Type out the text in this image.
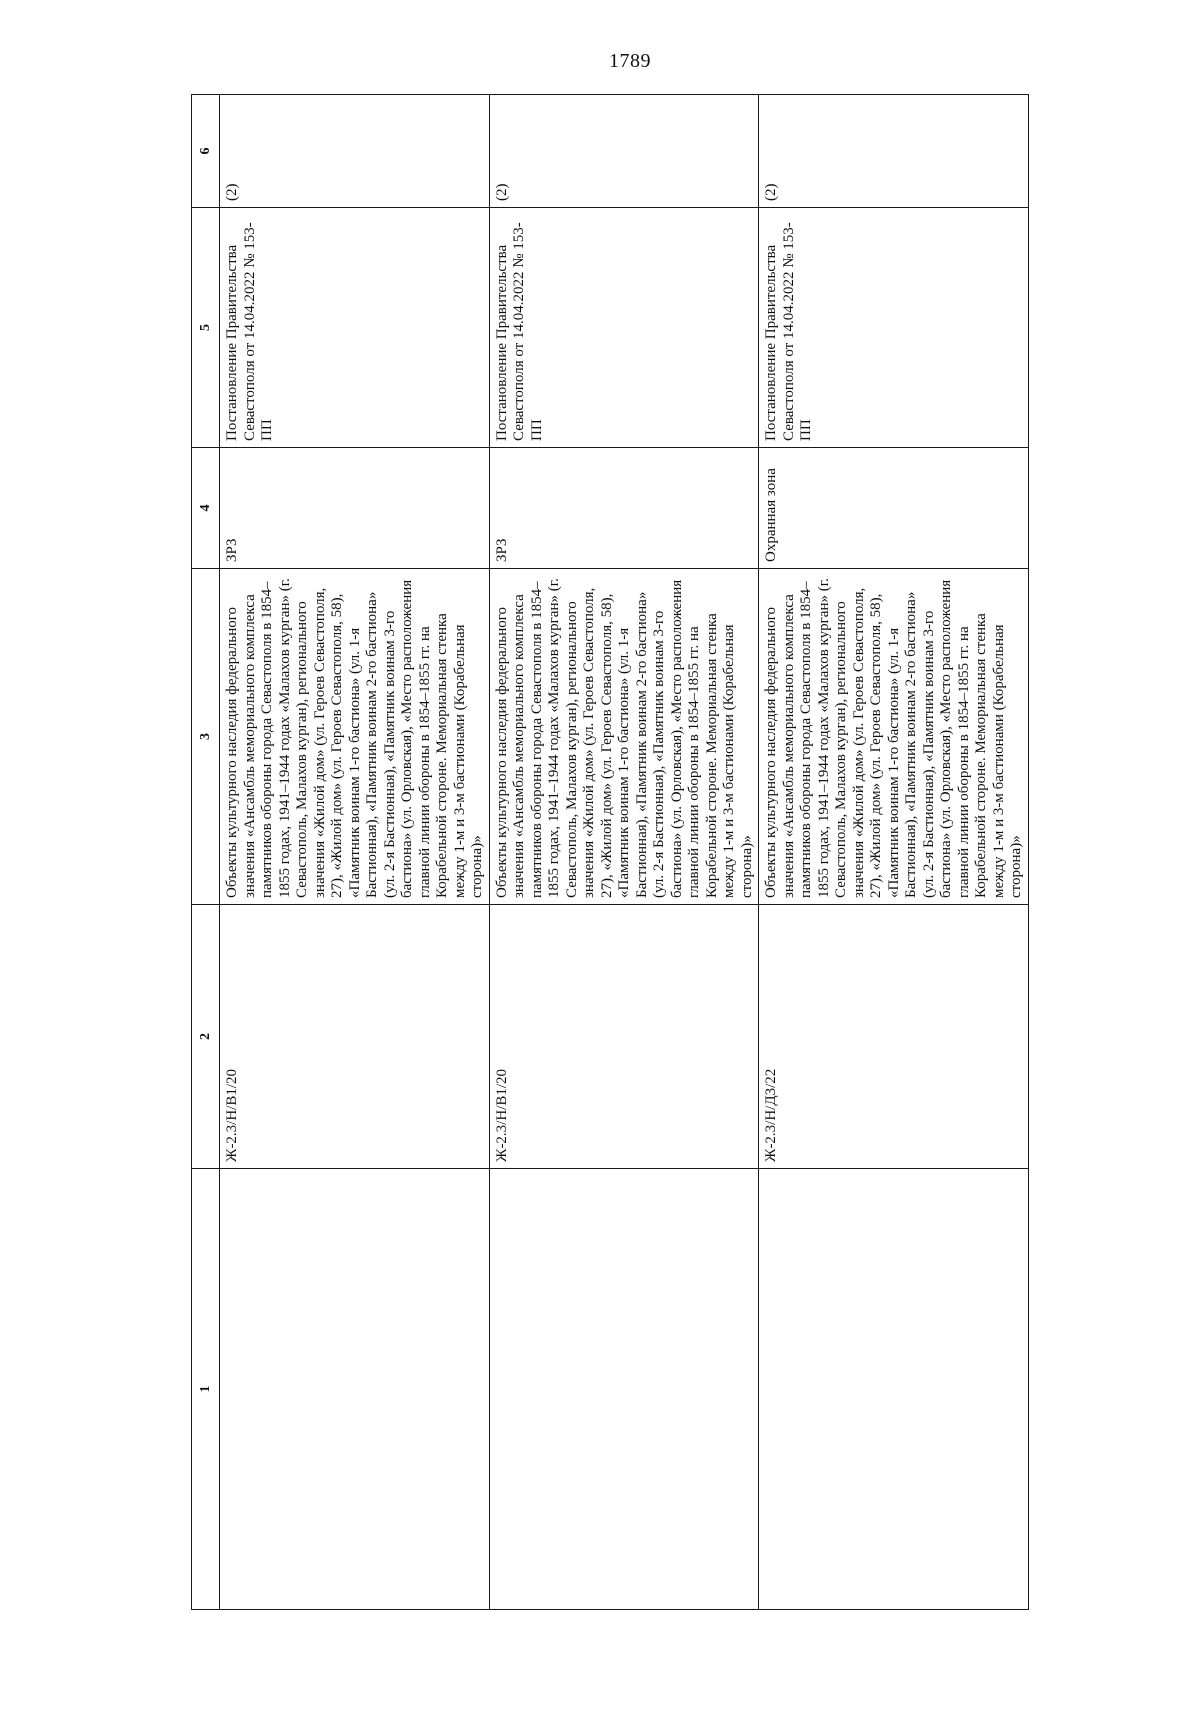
1789
1	2	3	4	5	6

	Ж-2.3/Н/В1/20	Объекты культурного наследия федерального значения «Ансамбль мемориального комплекса памятников обороны города Севастополя в 1854–1855 годах, 1941–1944 годах «Малахов курган» (г. Севастополь, Малахов курган), регионального значения «Жилой дом» (ул. Героев Севастополя, 27), «Жилой дом» (ул. Героев Севастополя, 58), «Памятник воинам 1-го бастиона» (ул. 1-я Бастионная), «Памятник воинам 2-го бастиона» (ул. 2-я Бастионная), «Памятник воинам 3-го бастиона» (ул. Орловская), «Место расположения главной линии обороны в 1854–1855 гг. на Корабельной стороне. Мемориальная стенка между 1-м и 3-м бастионами (Корабельная сторона)»	ЗРЗ	Постановление Правительства Севастополя от 14.04.2022 № 153-ПП	(2)

	Ж-2.3/Н/В1/20	Объекты культурного наследия федерального значения «Ансамбль мемориального комплекса памятников обороны города Севастополя в 1854–1855 годах, 1941–1944 годах «Малахов курган» (г. Севастополь, Малахов курган), регионального значения «Жилой дом» (ул. Героев Севастополя, 27), «Жилой дом» (ул. Героев Севастополя, 58), «Памятник воинам 1-го бастиона» (ул. 1-я Бастионная), «Памятник воинам 2-го бастиона» (ул. 2-я Бастионная), «Памятник воинам 3-го бастиона» (ул. Орловская), «Место расположения главной линии обороны в 1854–1855 гг. на Корабельной стороне. Мемориальная стенка между 1-м и 3-м бастионами (Корабельная сторона)»	ЗРЗ	Постановление Правительства Севастополя от 14.04.2022 № 153-ПП	(2)

	Ж-2.3/Н/Д3/22	Объекты культурного наследия федерального значения «Ансамбль мемориального комплекса памятников обороны города Севастополя в 1854–1855 годах, 1941–1944 годах «Малахов курган» (г. Севастополь, Малахов курган), регионального значения «Жилой дом» (ул. Героев Севастополя, 27), «Жилой дом» (ул. Героев Севастополя, 58), «Памятник воинам 1-го бастиона» (ул. 1-я Бастионная), «Памятник воинам 2-го бастиона» (ул. 2-я Бастионная), «Памятник воинам 3-го бастиона» (ул. Орловская), «Место расположения главной линии обороны в 1854–1855 гг. на Корабельной стороне. Мемориальная стенка между 1-м и 3-м бастионами (Корабельная сторона)»	Охранная зона	Постановление Правительства Севастополя от 14.04.2022 № 153-ПП	(2)
